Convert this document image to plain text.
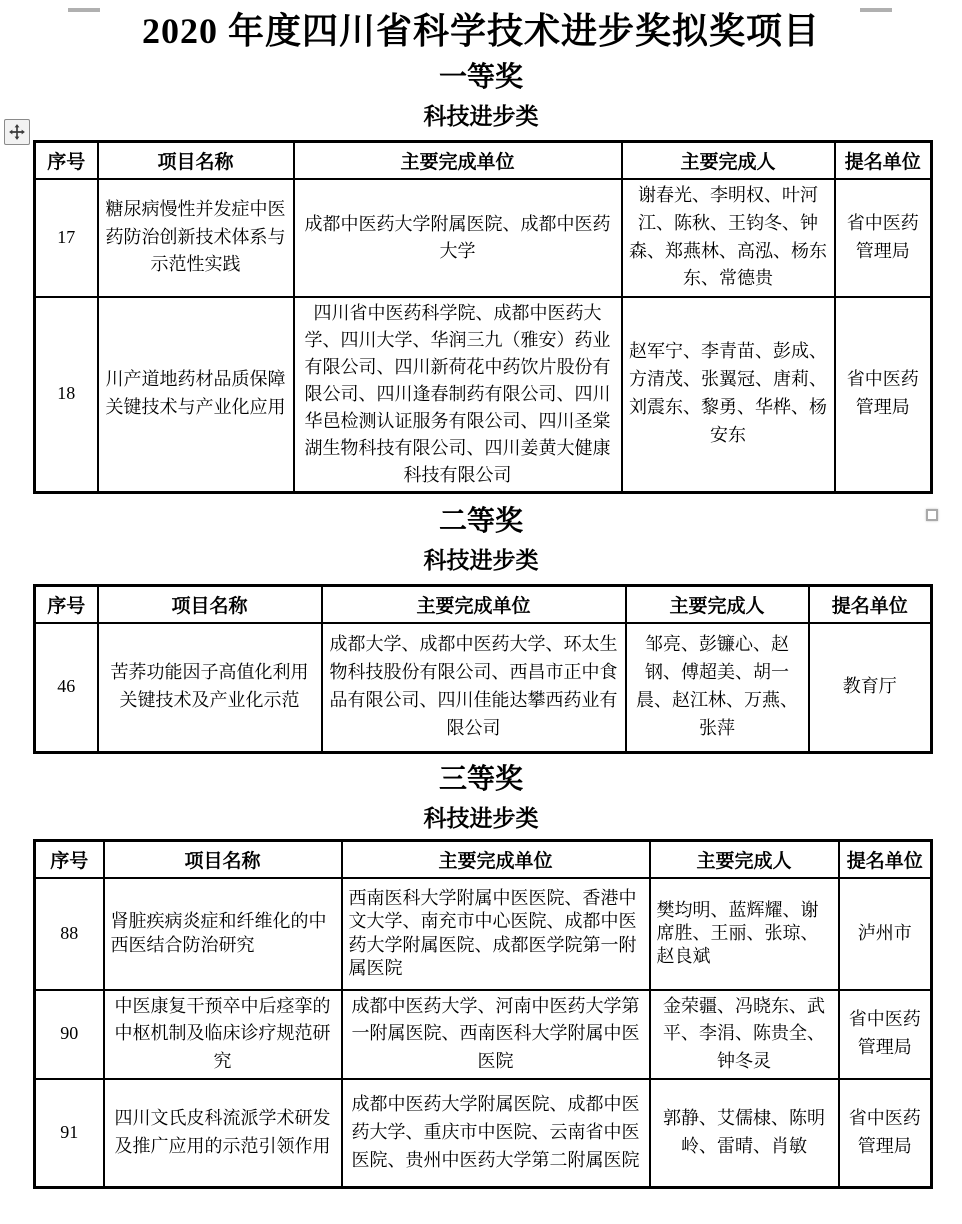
2020 年度四川省科学技术进步奖拟奖项目
一等奖
科技进步类
序号	项目名称	主要完成单位	主要完成人	提名单位
17	糖尿病慢性并发症中医药防治创新技术体系与示范性实践	成都中医药大学附属医院、成都中医药大学	谢春光、李明权、叶河江、陈秋、王钧冬、钟森、郑燕林、高泓、杨东东、常德贵	省中医药管理局
18	川产道地药材品质保障关键技术与产业化应用	四川省中医药科学院、成都中医药大学、四川大学、华润三九（雅安）药业有限公司、四川新荷花中药饮片股份有限公司、四川逢春制药有限公司、四川华邑检测认证服务有限公司、四川圣棠湖生物科技有限公司、四川姜黄大健康科技有限公司	赵军宁、李青苗、彭成、方清茂、张翼冠、唐莉、刘震东、黎勇、华桦、杨安东	省中医药管理局
二等奖
科技进步类
序号	项目名称	主要完成单位	主要完成人	提名单位
46	苦荞功能因子高值化利用关键技术及产业化示范	成都大学、成都中医药大学、环太生物科技股份有限公司、西昌市正中食品有限公司、四川佳能达攀西药业有限公司	邹亮、彭镰心、赵钢、傅超美、胡一晨、赵江林、万燕、张萍	教育厅
三等奖
科技进步类
序号	项目名称	主要完成单位	主要完成人	提名单位
88	肾脏疾病炎症和纤维化的中西医结合防治研究	西南医科大学附属中医医院、香港中文大学、南充市中心医院、成都中医药大学附属医院、成都医学院第一附属医院	樊均明、蓝辉耀、谢席胜、王丽、张琼、赵良斌	泸州市
90	中医康复干预卒中后痉挛的中枢机制及临床诊疗规范研究	成都中医药大学、河南中医药大学第一附属医院、西南医科大学附属中医医院	金荣疆、冯晓东、武平、李涓、陈贵全、钟冬灵	省中医药管理局
91	四川文氏皮科流派学术研发及推广应用的示范引领作用	成都中医药大学附属医院、成都中医药大学、重庆市中医院、云南省中医医院、贵州中医药大学第二附属医院	郭静、艾儒棣、陈明岭、雷晴、肖敏	省中医药管理局
